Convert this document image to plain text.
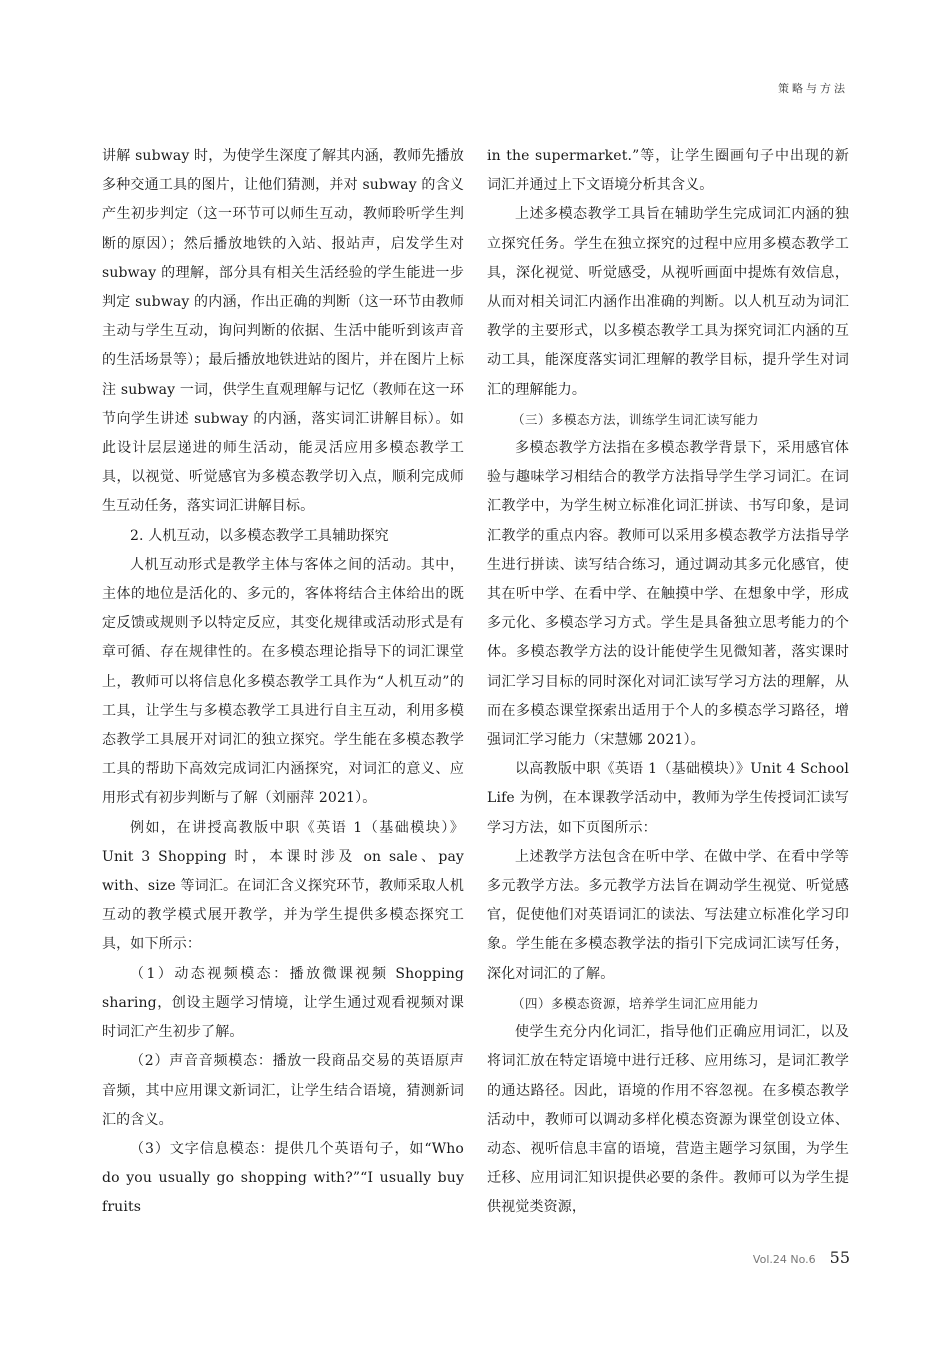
策略与方法

讲解 subway 时，为使学生深度了解其内涵，教师先播放多种交通工具的图片，让他们猜测，并对 subway 的含义产生初步判定（这一环节可以师生互动，教师聆听学生判断的原因）；然后播放地铁的入站、报站声，启发学生对 subway 的理解，部分具有相关生活经验的学生能进一步判定 subway 的内涵，作出正确的判断（这一环节由教师主动与学生互动，询问判断的依据、生活中能听到该声音的生活场景等）；最后播放地铁进站的图片，并在图片上标注 subway 一词，供学生直观理解与记忆（教师在这一环节向学生讲述 subway 的内涵，落实词汇讲解目标）。如此设计层层递进的师生活动，能灵活应用多模态教学工具，以视觉、听觉感官为多模态教学切入点，顺利完成师生互动任务，落实词汇讲解目标。

2. 人机互动，以多模态教学工具辅助探究

人机互动形式是教学主体与客体之间的活动。其中，主体的地位是活化的、多元的，客体将结合主体给出的既定反馈或规则予以特定反应，其变化规律或活动形式是有章可循、存在规律性的。在多模态理论指导下的词汇课堂上，教师可以将信息化多模态教学工具作为“人机互动”的工具，让学生与多模态教学工具进行自主互动，利用多模态教学工具展开对词汇的独立探究。学生能在多模态教学工具的帮助下高效完成词汇内涵探究，对词汇的意义、应用形式有初步判断与了解（刘丽萍 2021）。

例如，在讲授高教版中职《英语 1（基础模块）》Unit 3 Shopping 时，本课时涉及 on sale、pay with、size 等词汇。在词汇含义探究环节，教师采取人机互动的教学模式展开教学，并为学生提供多模态探究工具，如下所示：

（1）动态视频模态：播放微课视频 Shopping sharing，创设主题学习情境，让学生通过观看视频对课时词汇产生初步了解。

（2）声音音频模态：播放一段商品交易的英语原声音频，其中应用课文新词汇，让学生结合语境，猜测新词汇的含义。

（3）文字信息模态：提供几个英语句子，如“Who do you usually go shopping with?”“I usually buy fruits

in the supermarket.”等，让学生圈画句子中出现的新词汇并通过上下文语境分析其含义。

上述多模态教学工具旨在辅助学生完成词汇内涵的独立探究任务。学生在独立探究的过程中应用多模态教学工具，深化视觉、听觉感受，从视听画面中提炼有效信息，从而对相关词汇内涵作出准确的判断。以人机互动为词汇教学的主要形式，以多模态教学工具为探究词汇内涵的互动工具，能深度落实词汇理解的教学目标，提升学生对词汇的理解能力。

（三）多模态方法，训练学生词汇读写能力

多模态教学方法指在多模态教学背景下，采用感官体验与趣味学习相结合的教学方法指导学生学习词汇。在词汇教学中，为学生树立标准化词汇拼读、书写印象，是词汇教学的重点内容。教师可以采用多模态教学方法指导学生进行拼读、读写结合练习，通过调动其多元化感官，使其在听中学、在看中学、在触摸中学、在想象中学，形成多元化、多模态学习方式。学生是具备独立思考能力的个体。多模态教学方法的设计能使学生见微知著，落实课时词汇学习目标的同时深化对词汇读写学习方法的理解，从而在多模态课堂探索出适用于个人的多模态学习路径，增强词汇学习能力（宋慧娜 2021）。

以高教版中职《英语 1（基础模块）》Unit 4 School Life 为例，在本课教学活动中，教师为学生传授词汇读写学习方法，如下页图所示：

上述教学方法包含在听中学、在做中学、在看中学等多元教学方法。多元教学方法旨在调动学生视觉、听觉感官，促使他们对英语词汇的读法、写法建立标准化学习印象。学生能在多模态教学法的指引下完成词汇读写任务，深化对词汇的了解。

（四）多模态资源，培养学生词汇应用能力

使学生充分内化词汇，指导他们正确应用词汇，以及将词汇放在特定语境中进行迁移、应用练习，是词汇教学的通达路径。因此，语境的作用不容忽视。在多模态教学活动中，教师可以调动多样化模态资源为课堂创设立体、动态、视听信息丰富的语境，营造主题学习氛围，为学生迁移、应用词汇知识提供必要的条件。教师可以为学生提供视觉类资源，

Vol.24 No.6 55
